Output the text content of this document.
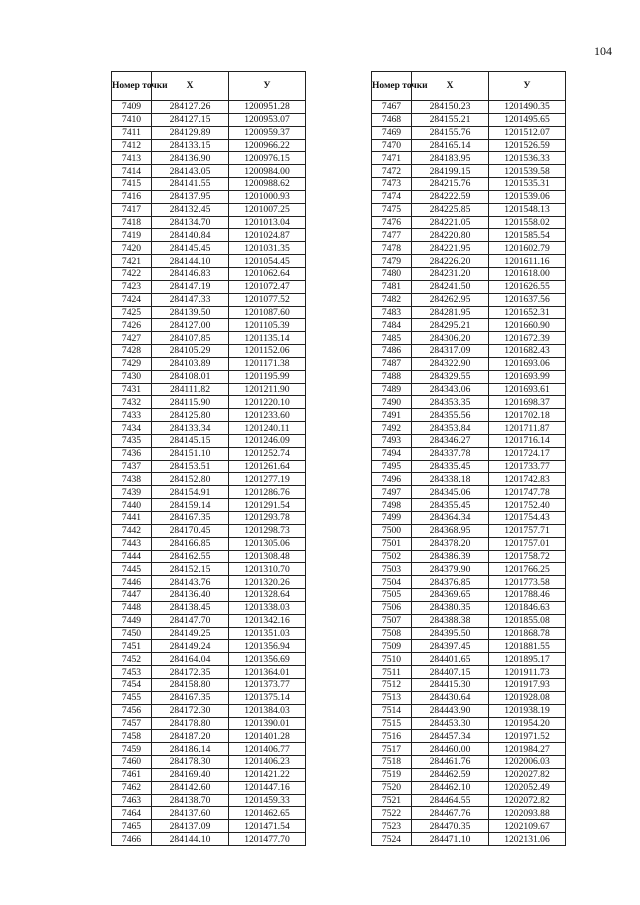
104
Номер точки	X	У
7409	284127.26	1200951.28
7410	284127.15	1200953.07
7411	284129.89	1200959.37
7412	284133.15	1200966.22
7413	284136.90	1200976.15
7414	284143.05	1200984.00
7415	284141.55	1200988.62
7416	284137.95	1201000.93
7417	284132.45	1201007.25
7418	284134.70	1201013.04
7419	284140.84	1201024.87
7420	284145.45	1201031.35
7421	284144.10	1201054.45
7422	284146.83	1201062.64
7423	284147.19	1201072.47
7424	284147.33	1201077.52
7425	284139.50	1201087.60
7426	284127.00	1201105.39
7427	284107.85	1201135.14
7428	284105.29	1201152.06
7429	284103.89	1201171.38
7430	284108.01	1201195.99
7431	284111.82	1201211.90
7432	284115.90	1201220.10
7433	284125.80	1201233.60
7434	284133.34	1201240.11
7435	284145.15	1201246.09
7436	284151.10	1201252.74
7437	284153.51	1201261.64
7438	284152.80	1201277.19
7439	284154.91	1201286.76
7440	284159.14	1201291.54
7441	284167.35	1201293.78
7442	284170.45	1201298.73
7443	284166.85	1201305.06
7444	284162.55	1201308.48
7445	284152.15	1201310.70
7446	284143.76	1201320.26
7447	284136.40	1201328.64
7448	284138.45	1201338.03
7449	284147.70	1201342.16
7450	284149.25	1201351.03
7451	284149.24	1201356.94
7452	284164.04	1201356.69
7453	284172.35	1201364.01
7454	284158.80	1201373.77
7455	284167.35	1201375.14
7456	284172.30	1201384.03
7457	284178.80	1201390.01
7458	284187.20	1201401.28
7459	284186.14	1201406.77
7460	284178.30	1201406.23
7461	284169.40	1201421.22
7462	284142.60	1201447.16
7463	284138.70	1201459.33
7464	284137.60	1201462.65
7465	284137.09	1201471.54
7466	284144.10	1201477.70
Номер точки	X	У
7467	284150.23	1201490.35
7468	284155.21	1201495.65
7469	284155.76	1201512.07
7470	284165.14	1201526.59
7471	284183.95	1201536.33
7472	284199.15	1201539.58
7473	284215.76	1201535.31
7474	284222.59	1201539.06
7475	284225.85	1201548.13
7476	284221.05	1201558.02
7477	284220.80	1201585.54
7478	284221.95	1201602.79
7479	284226.20	1201611.16
7480	284231.20	1201618.00
7481	284241.50	1201626.55
7482	284262.95	1201637.56
7483	284281.95	1201652.31
7484	284295.21	1201660.90
7485	284306.20	1201672.39
7486	284317.09	1201682.43
7487	284322.90	1201693.06
7488	284329.55	1201693.99
7489	284343.06	1201693.61
7490	284353.35	1201698.37
7491	284355.56	1201702.18
7492	284353.84	1201711.87
7493	284346.27	1201716.14
7494	284337.78	1201724.17
7495	284335.45	1201733.77
7496	284338.18	1201742.83
7497	284345.06	1201747.78
7498	284355.45	1201752.40
7499	284364.34	1201754.43
7500	284368.95	1201757.71
7501	284378.20	1201757.01
7502	284386.39	1201758.72
7503	284379.90	1201766.25
7504	284376.85	1201773.58
7505	284369.65	1201788.46
7506	284380.35	1201846.63
7507	284388.38	1201855.08
7508	284395.50	1201868.78
7509	284397.45	1201881.55
7510	284401.65	1201895.17
7511	284407.15	1201911.73
7512	284415.30	1201917.93
7513	284430.64	1201928.08
7514	284443.90	1201938.19
7515	284453.30	1201954.20
7516	284457.34	1201971.52
7517	284460.00	1201984.27
7518	284461.76	1202006.03
7519	284462.59	1202027.82
7520	284462.10	1202052.49
7521	284464.55	1202072.82
7522	284467.76	1202093.88
7523	284470.35	1202109.67
7524	284471.10	1202131.06
